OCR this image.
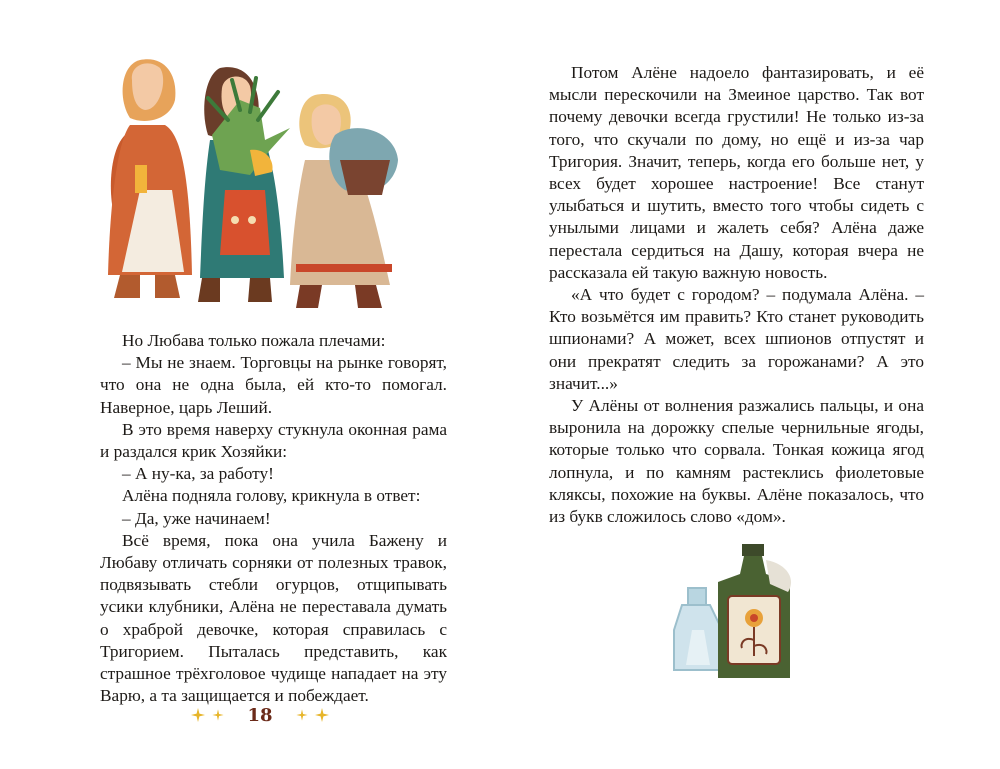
Но Любава только пожала плечами:

– Мы не знаем. Торговцы на рынке говорят, что она не одна была, ей кто-то помогал. Наверное, царь Леший.

В это время наверху стукнула оконная рама и раздался крик Хозяйки:

– А ну-ка, за работу!

Алёна подняла голову, крикнула в ответ:

– Да, уже начинаем!

Всё время, пока она учила Бажену и Любаву отличать сорняки от полезных травок, подвязывать стебли огурцов, отщипывать усики клубники, Алёна не переставала думать о храброй девочке, которая справилась с Тригорием. Пыталась представить, как страшное трёхголовое чудище нападает на эту Варю, а та защищается и побеждает.

18

Потом Алёне надоело фантазировать, и её мысли перескочили на Змеиное царство. Так вот почему девочки всегда грустили! Не только из-за того, что скучали по дому, но ещё и из-за чар Тригория. Значит, теперь, когда его больше нет, у всех будет хорошее настроение! Все станут улыбаться и шутить, вместо того чтобы сидеть с унылыми лицами и жалеть себя? Алёна даже перестала сердиться на Дашу, которая вчера не рассказала ей такую важную новость.

«А что будет с городом? – подумала Алёна. – Кто возьмётся им править? Кто станет руководить шпионами? А может, всех шпионов отпустят и они прекратят следить за горожанами? А это значит...»

У Алёны от волнения разжались пальцы, и она выронила на дорожку спелые чернильные ягоды, которые только что сорвала. Тонкая кожица ягод лопнула, и по камням растеклись фиолетовые кляксы, похожие на буквы. Алёне показалось, что из букв сложилось слово «дом».
